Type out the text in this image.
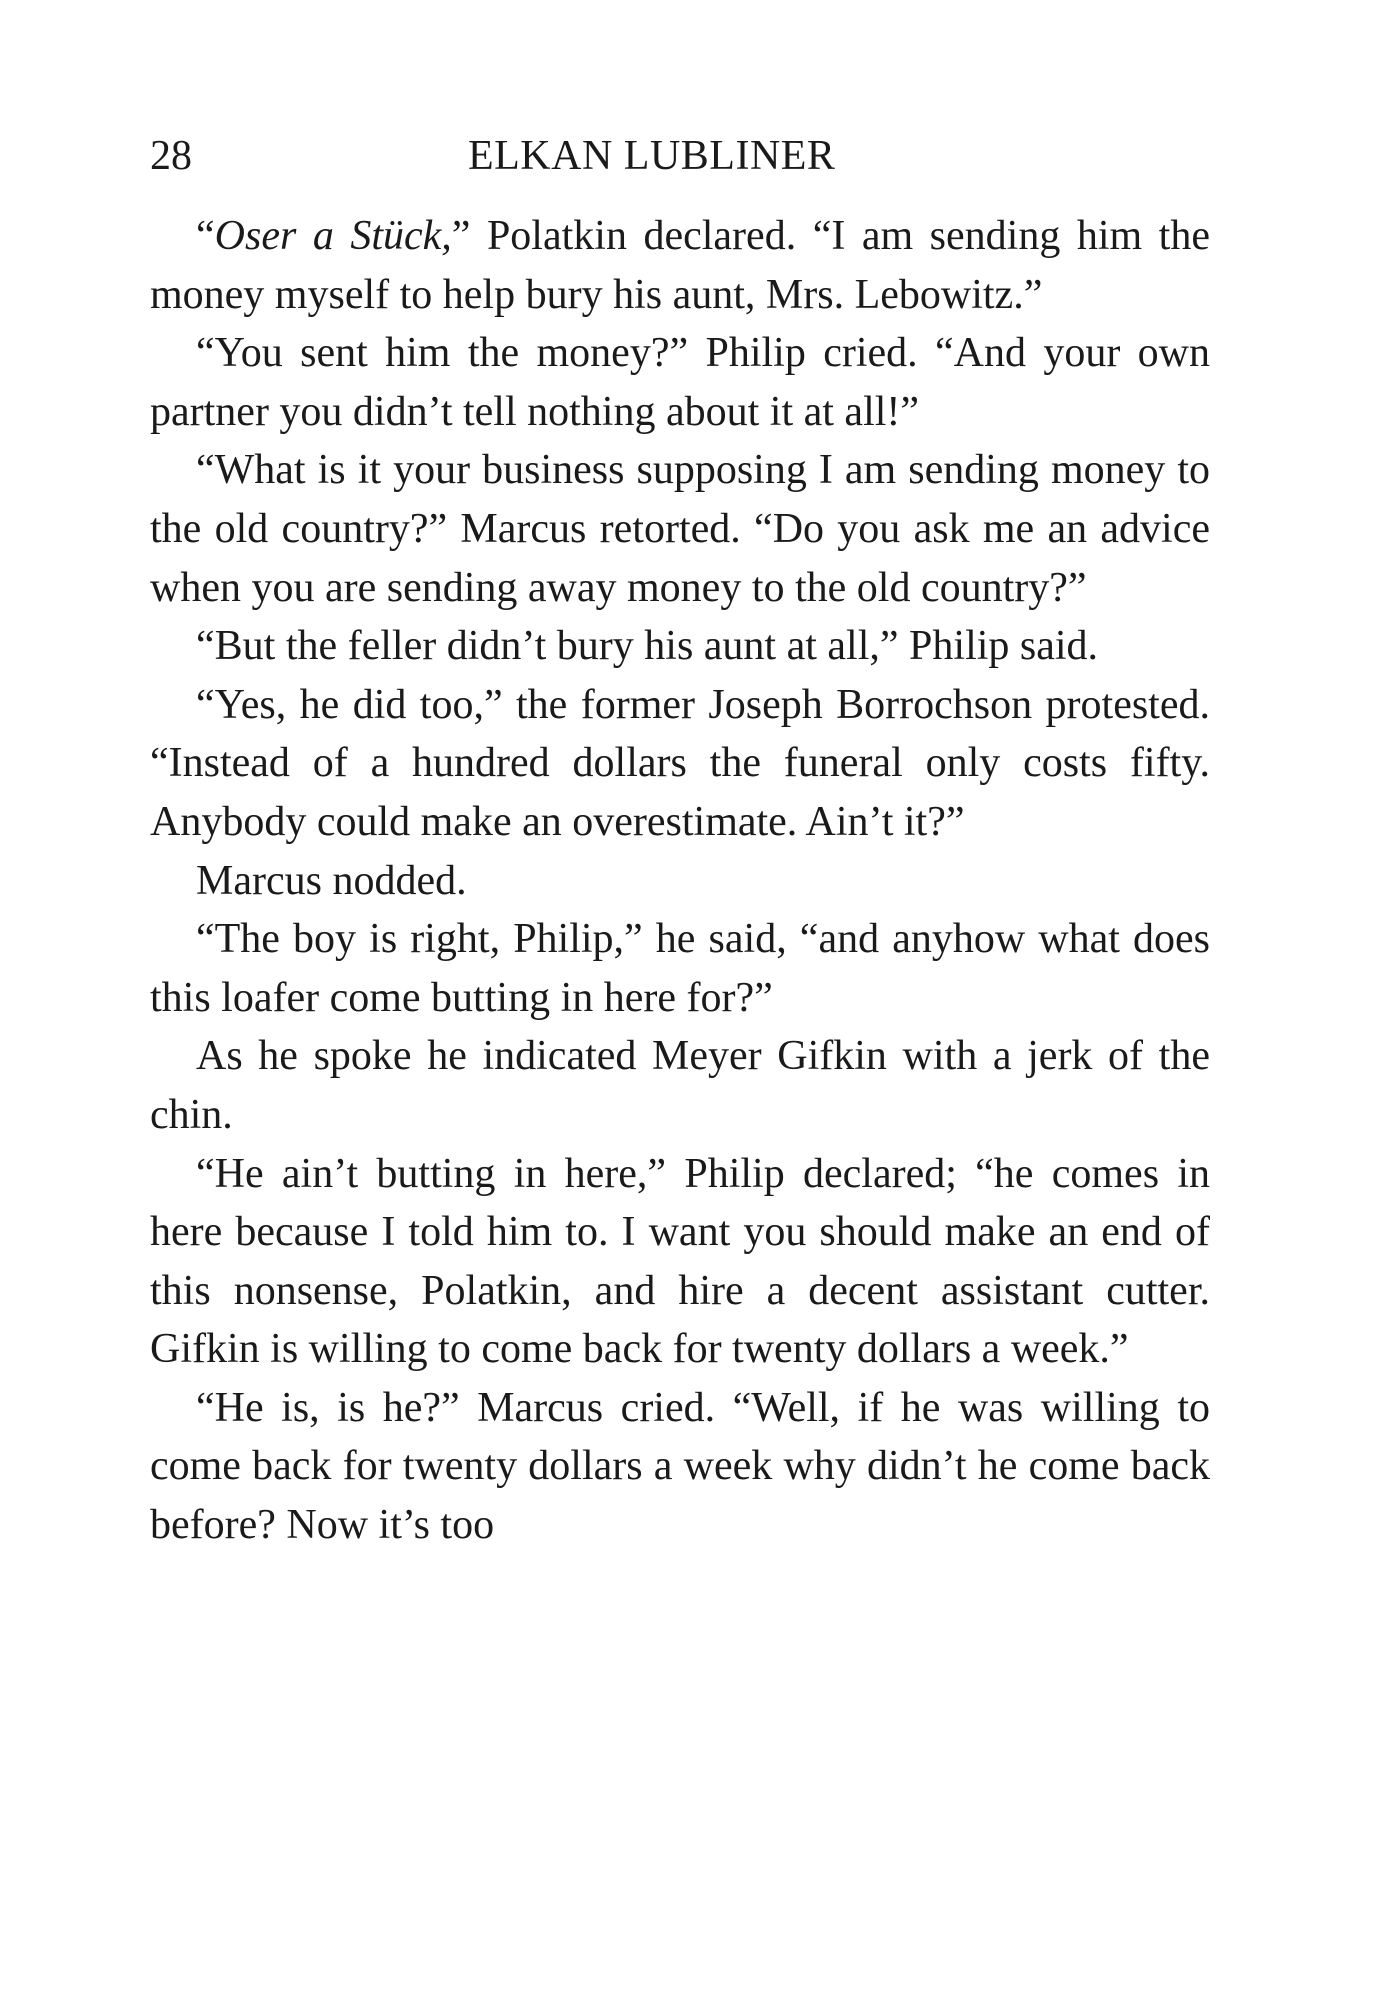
28	ELKAN LUBLINER

“Oser a Stück,” Polatkin declared. “I am sending him the money myself to help bury his aunt, Mrs. Lebowitz.”

“You sent him the money?” Philip cried. “And your own partner you didn’t tell nothing about it at all!”

“What is it your business supposing I am sending money to the old country?” Marcus retorted. “Do you ask me an advice when you are sending away money to the old country?”

“But the feller didn’t bury his aunt at all,” Philip said.

“Yes, he did too,” the former Joseph Borrochson protested. “Instead of a hundred dollars the funeral only costs fifty. Anybody could make an overestimate. Ain’t it?”

Marcus nodded.

“The boy is right, Philip,” he said, “and anyhow what does this loafer come butting in here for?”

As he spoke he indicated Meyer Gifkin with a jerk of the chin.

“He ain’t butting in here,” Philip declared; “he comes in here because I told him to. I want you should make an end of this nonsense, Polatkin, and hire a decent assistant cutter. Gifkin is willing to come back for twenty dollars a week.”

“He is, is he?” Marcus cried. “Well, if he was willing to come back for twenty dollars a week why didn’t he come back before? Now it’s too
